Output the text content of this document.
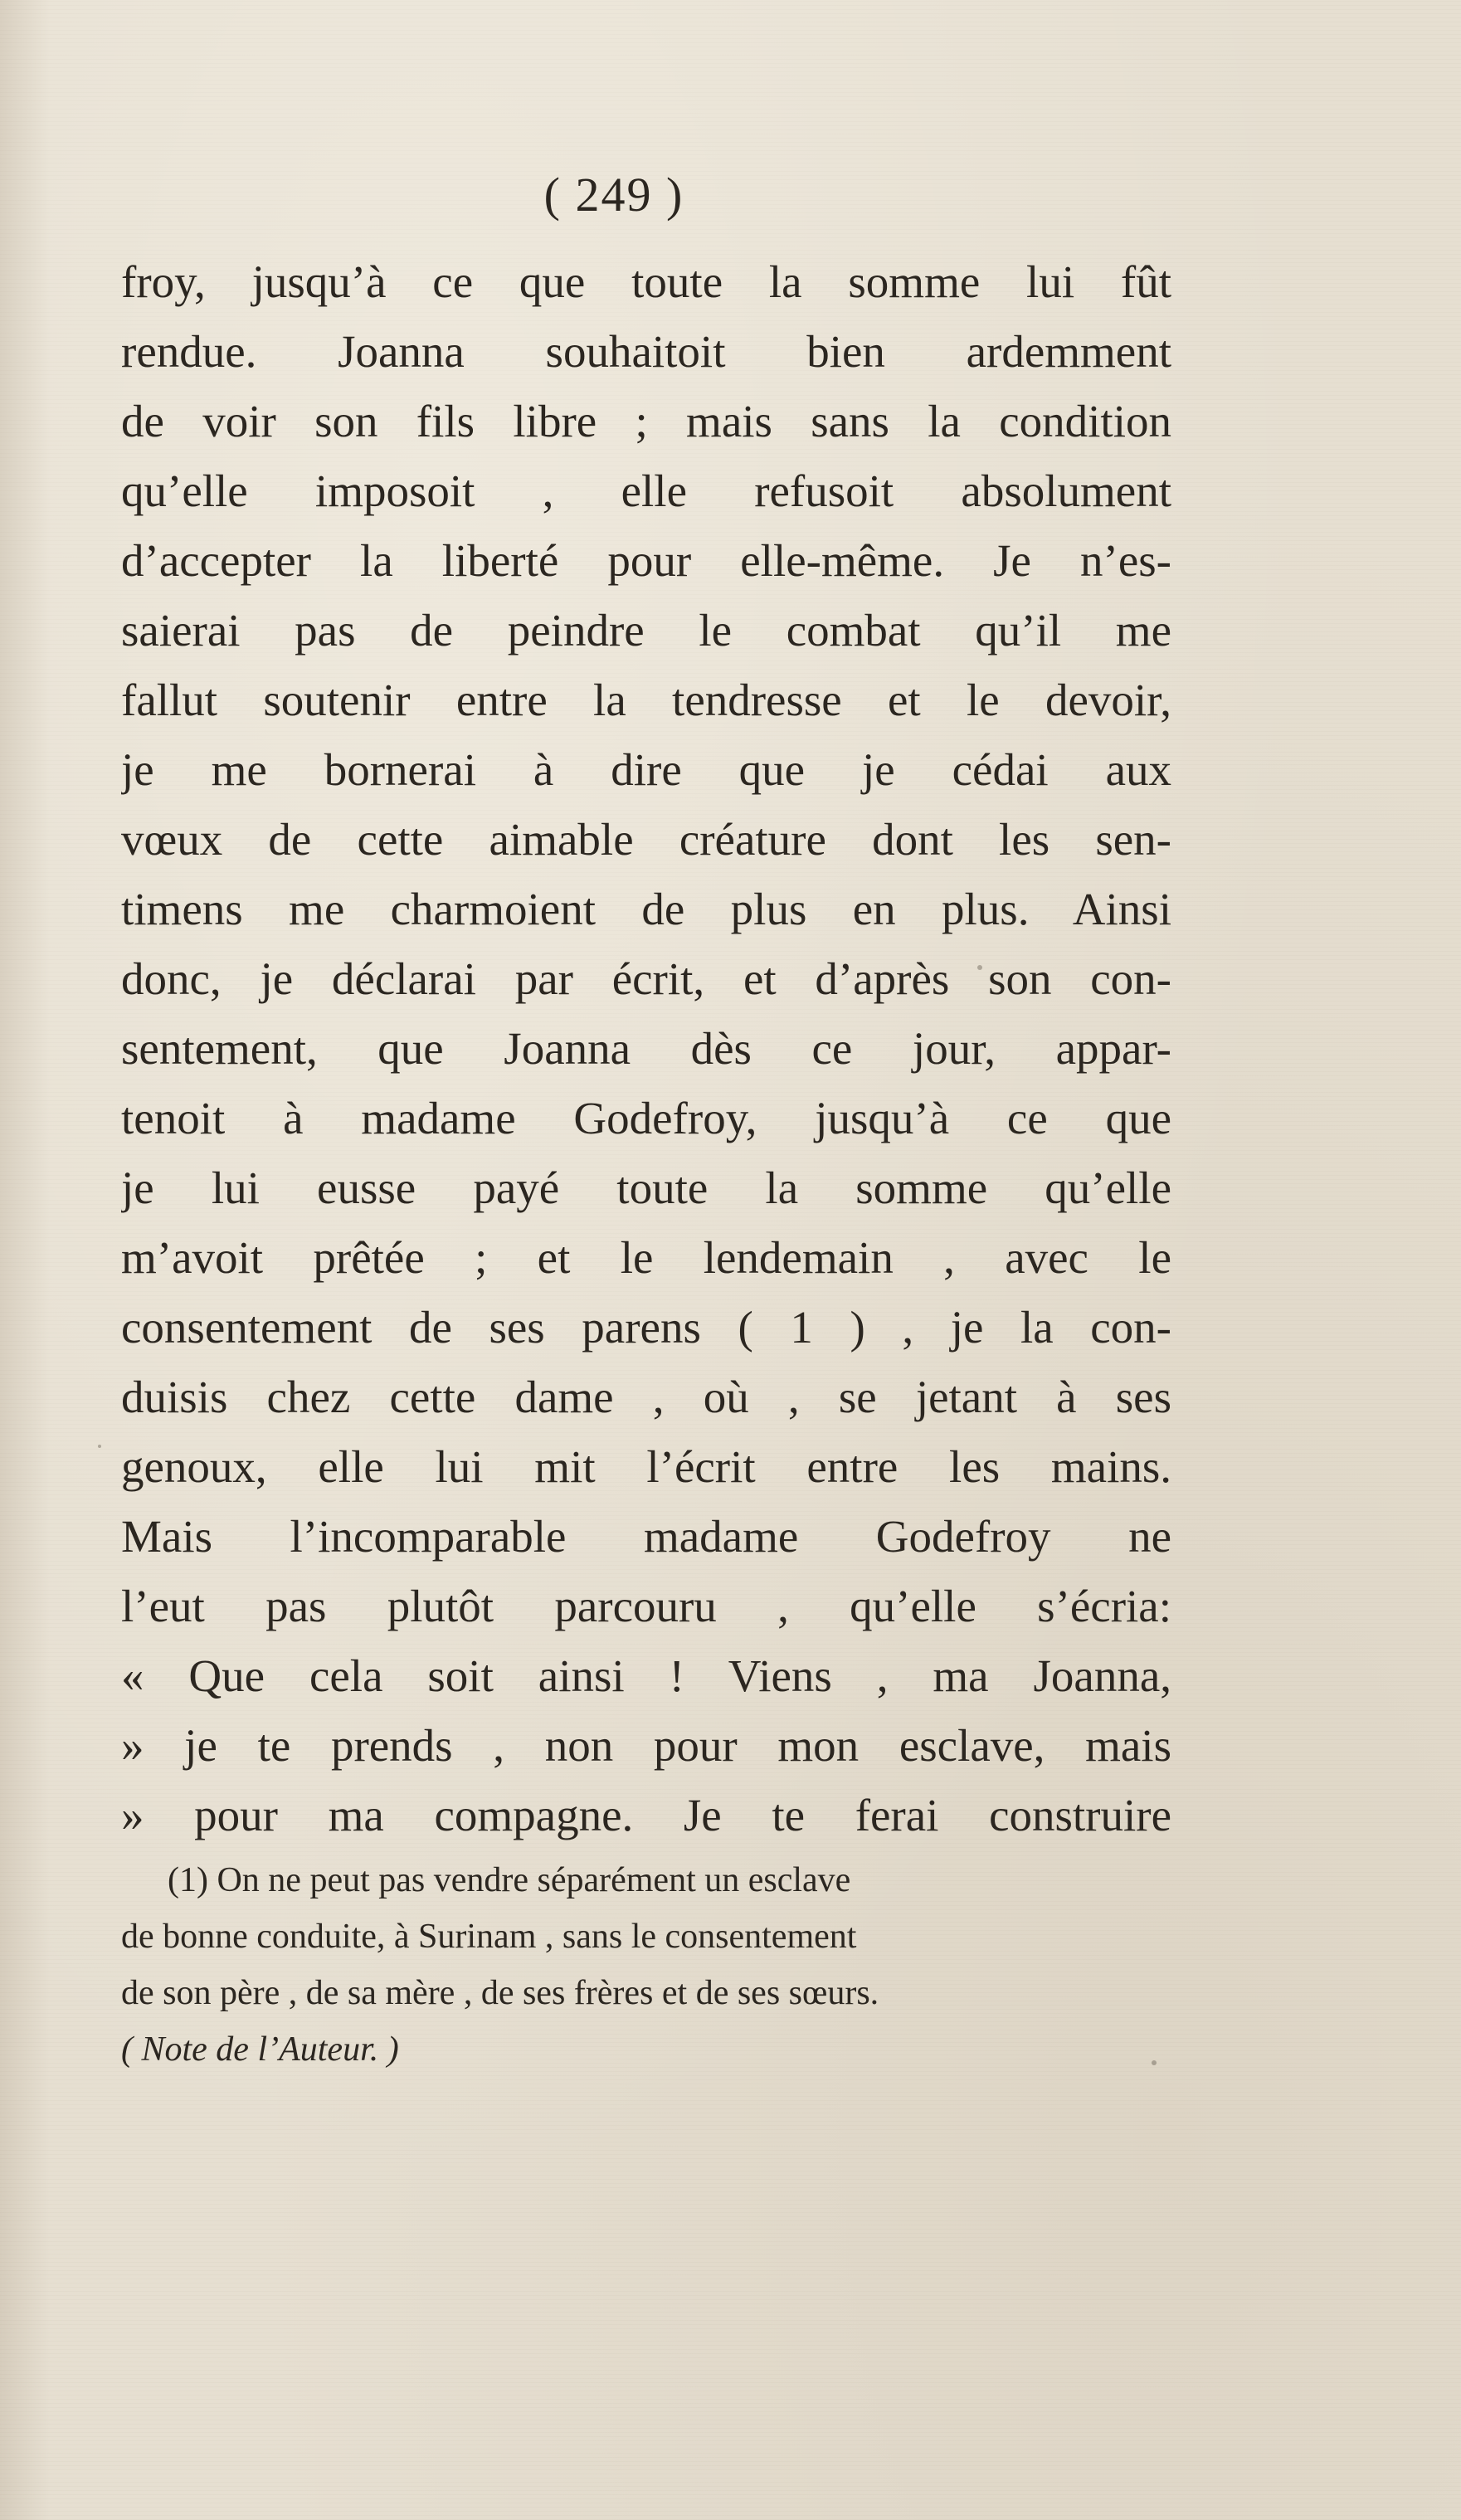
( 249 )
froy, jusqu’à ce que toute la somme lui fût
rendue. Joanna souhaitoit bien ardemment
de voir son fils libre ; mais sans la condition
qu’elle imposoit , elle refusoit absolument
d’accepter la liberté pour elle-même. Je n’es-
saierai pas de peindre le combat qu’il me
fallut soutenir entre la tendresse et le devoir,
je me bornerai à dire que je cédai aux
vœux de cette aimable créature dont les sen-
timens me charmoient de plus en plus. Ainsi
donc, je déclarai par écrit, et d’après son con-
sentement, que Joanna dès ce jour, appar-
tenoit à madame Godefroy, jusqu’à ce que
je lui eusse payé toute la somme qu’elle
m’avoit prêtée ; et le lendemain , avec le
consentement de ses parens ( 1 ) , je la con-
duisis chez cette dame , où , se jetant à ses
genoux, elle lui mit l’écrit entre les mains.
Mais l’incomparable madame Godefroy ne
l’eut pas plutôt parcouru , qu’elle s’écria:
« Que cela soit ainsi ! Viens , ma Joanna,
» je te prends , non pour mon esclave, mais
» pour ma compagne. Je te ferai construire
(1) On ne peut pas vendre séparément un esclave
de bonne conduite, à Surinam , sans le consentement
de son père , de sa mère , de ses frères et de ses sœurs.
( Note de l’Auteur. )
